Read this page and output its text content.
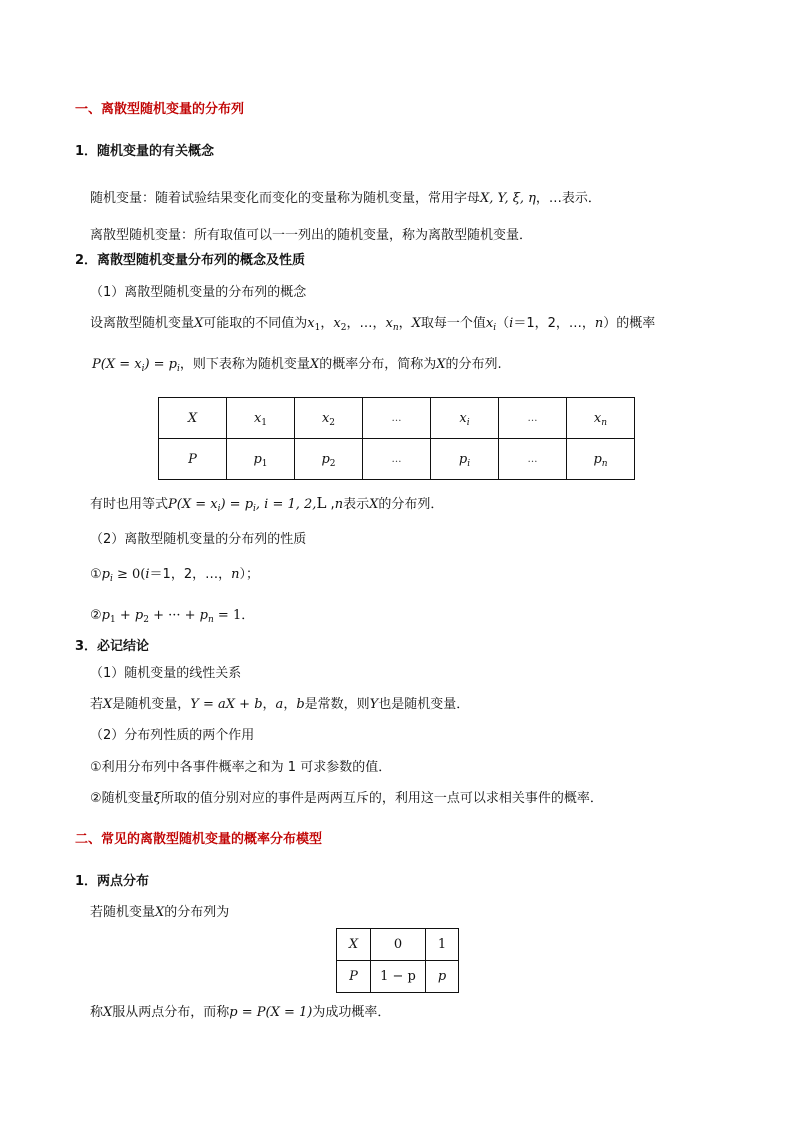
一、离散型随机变量的分布列
1．随机变量的有关概念
随机变量：随着试验结果变化而变化的变量称为随机变量，常用字母X, Y, ξ, η，…表示．
离散型随机变量：所有取值可以一一列出的随机变量，称为离散型随机变量．
2．离散型随机变量分布列的概念及性质
（1）离散型随机变量的分布列的概念
设离散型随机变量X可能取的不同值为$x_1$，$x_2$，…，$x_n$，X取每一个值$x_i(i=1$，2，…，n）的概率
$P(X = x_i) = p_i$，则下表称为随机变量X的概率分布，简称为X的分布列.
X	$x_1$	$x_2$	…	$x_i$	…	$x_n$
P	$p_1$	$p_2$	…	$p_i$	…	$p_n$
有时也用等式$P(X = x_i) = p_i$, i = 1, 2,L ,n表示X的分布列．
（2）离散型随机变量的分布列的性质
$①p_i \ge 0(i=1$，2，…，n）；
$②p_1 + p_2$ + ··· + $p_n = 1$．
3．必记结论
（1）随机变量的线性关系
若X是随机变量，Y = aX + b，a，b是常数，则Y也是随机变量．
（2）分布列性质的两个作用
①利用分布列中各事件概率之和为 1 可求参数的值．
②随机变量ξ所取的值分别对应的事件是两两互斥的，利用这一点可以求相关事件的概率．
二、常见的离散型随机变量的概率分布模型
1．两点分布
若随机变量X的分布列为
X	0	1
P	1 − p	p
称X服从两点分布，而称p = P(X = 1)为成功概率．
